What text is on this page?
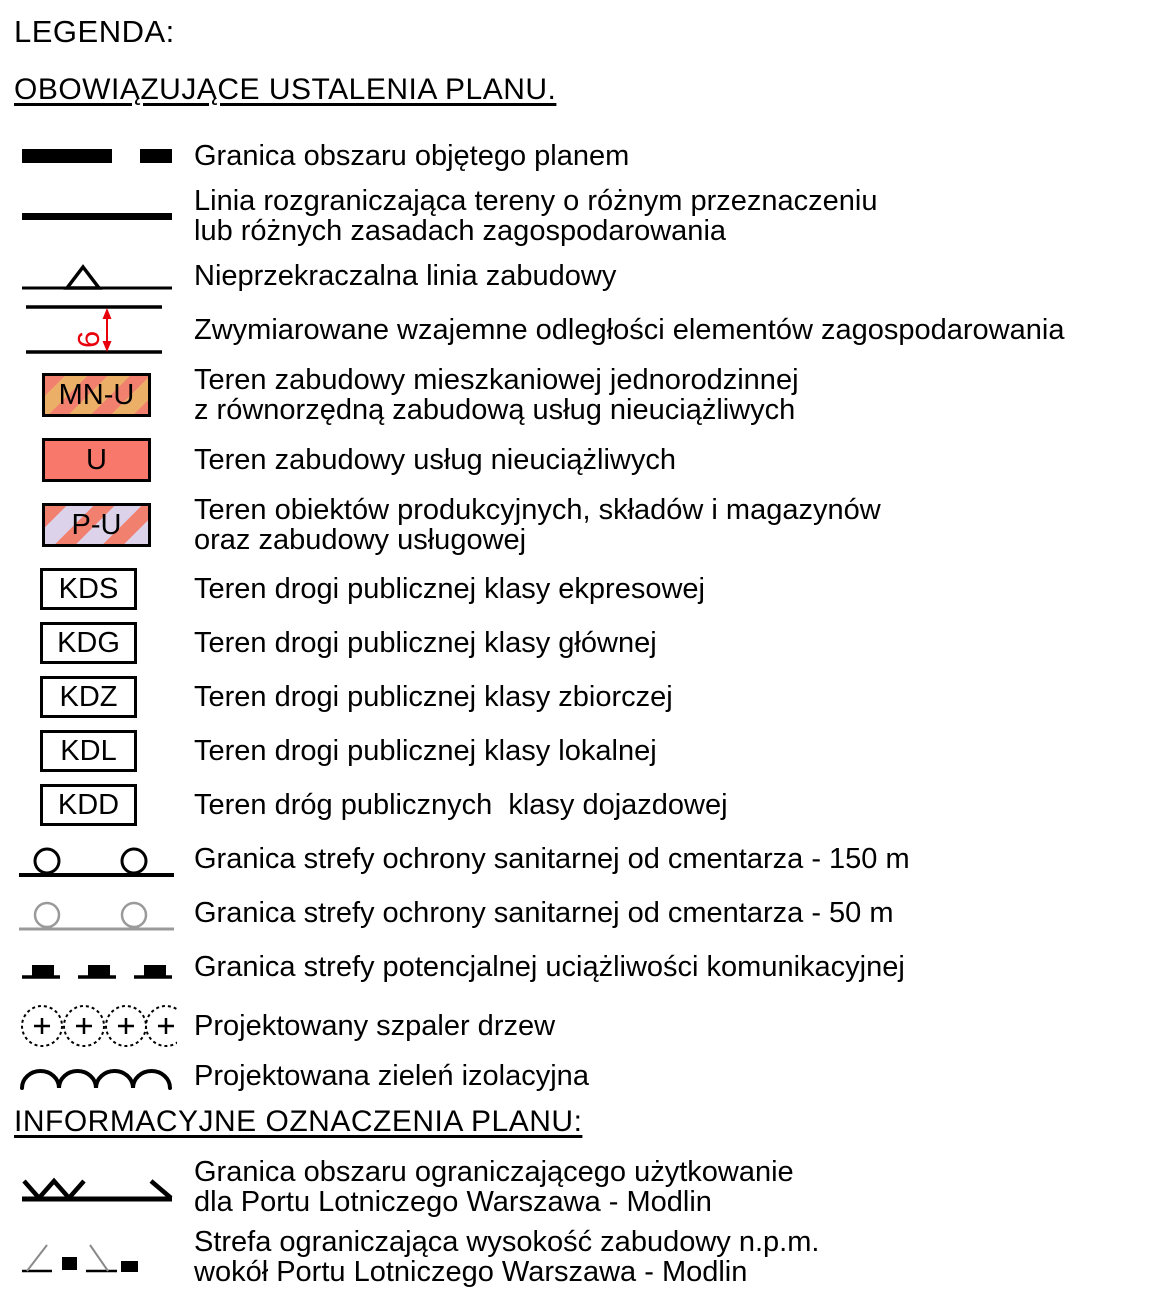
LEGENDA:
OBOWIĄZUJĄCE USTALENIA PLANU.
Granica obszaru objętego planem
Linia rozgraniczająca tereny o różnym przeznaczeniu
lub różnych zasadach zagospodarowania
Nieprzekraczalna linia zabudowy
6	Zwymiarowane wzajemne odległości elementów zagospodarowania
MN-U	Teren zabudowy mieszkaniowej jednorodzinnej
z równorzędną zabudową usług nieuciążliwych
U	Teren zabudowy usług nieuciążliwych
P-U	Teren obiektów produkcyjnych, składów i magazynów
oraz zabudowy usługowej
KDS	Teren drogi publicznej klasy ekpresowej
KDG	Teren drogi publicznej klasy głównej
KDZ	Teren drogi publicznej klasy zbiorczej
KDL	Teren drogi publicznej klasy lokalnej
KDD	Teren dróg publicznych  klasy dojazdowej
Granica strefy ochrony sanitarnej od cmentarza - 150 m
Granica strefy ochrony sanitarnej od cmentarza - 50 m
Granica strefy potencjalnej uciążliwości komunikacyjnej
Projektowany szpaler drzew
Projektowana zieleń izolacyjna
INFORMACYJNE OZNACZENIA PLANU:
Granica obszaru ograniczającego użytkowanie
dla Portu Lotniczego Warszawa - Modlin
Strefa ograniczająca wysokość zabudowy n.p.m.
wokół Portu Lotniczego Warszawa - Modlin
